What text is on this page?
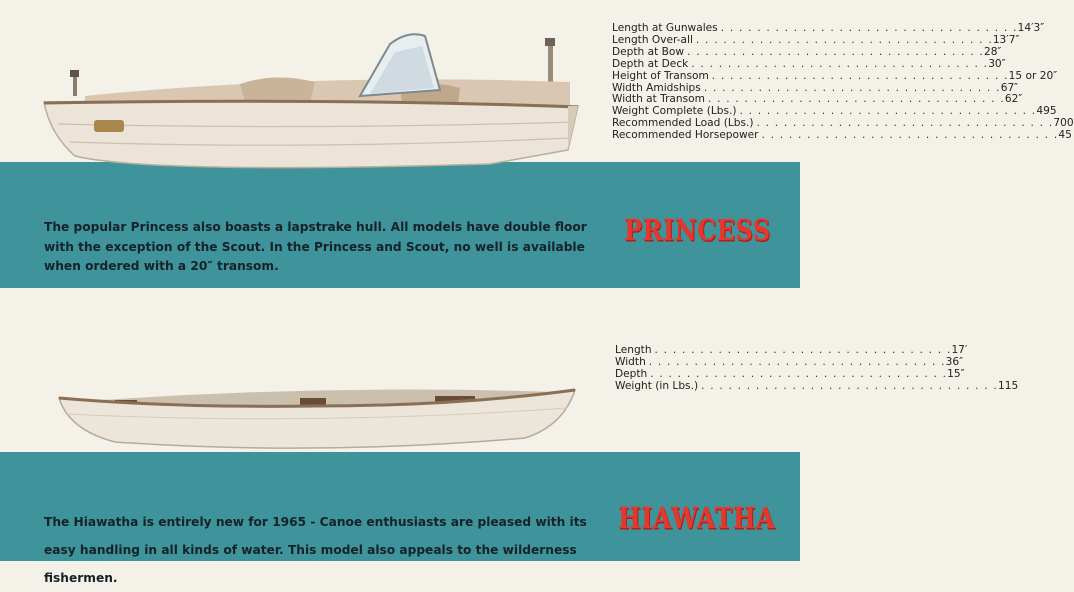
Length at Gunwales . . . . . . . . . . . . . . . . . . . . . . . . . . . . . . . . . 14′3″
Length Over-all . . . . . . . . . . . . . . . . . . . . . . . . . . . . . . . . . 13′7″
Depth at Bow . . . . . . . . . . . . . . . . . . . . . . . . . . . . . . . . . 28″
Depth at Deck . . . . . . . . . . . . . . . . . . . . . . . . . . . . . . . . . 30″
Height of Transom . . . . . . . . . . . . . . . . . . . . . . . . . . . . . . . . . 15 or 20″
Width Amidships . . . . . . . . . . . . . . . . . . . . . . . . . . . . . . . . . 67″
Width at Transom . . . . . . . . . . . . . . . . . . . . . . . . . . . . . . . . . 62″
Weight Complete (Lbs.) . . . . . . . . . . . . . . . . . . . . . . . . . . . . . . . . . 495
Recommended Load (Lbs.) . . . . . . . . . . . . . . . . . . . . . . . . . . . . . . . . . 700
Recommended Horsepower . . . . . . . . . . . . . . . . . . . . . . . . . . . . . . . . . 45
Length . . . . . . . . . . . . . . . . . . . . . . . . . . . . . . . . . 17′
Width . . . . . . . . . . . . . . . . . . . . . . . . . . . . . . . . . 36″
Depth . . . . . . . . . . . . . . . . . . . . . . . . . . . . . . . . . 15″
Weight (in Lbs.) . . . . . . . . . . . . . . . . . . . . . . . . . . . . . . . . . 115

The popular Princess also boasts a lapstrake hull. All models have double floor with the exception of the Scout. In the Princess and Scout, no well is available when ordered with a 20″ transom.

PRINCESS

The Hiawatha is entirely new for 1965 - Canoe enthusiasts are pleased with its easy handling in all kinds of water. This model also appeals to the wilderness fishermen.

HIAWATHA
